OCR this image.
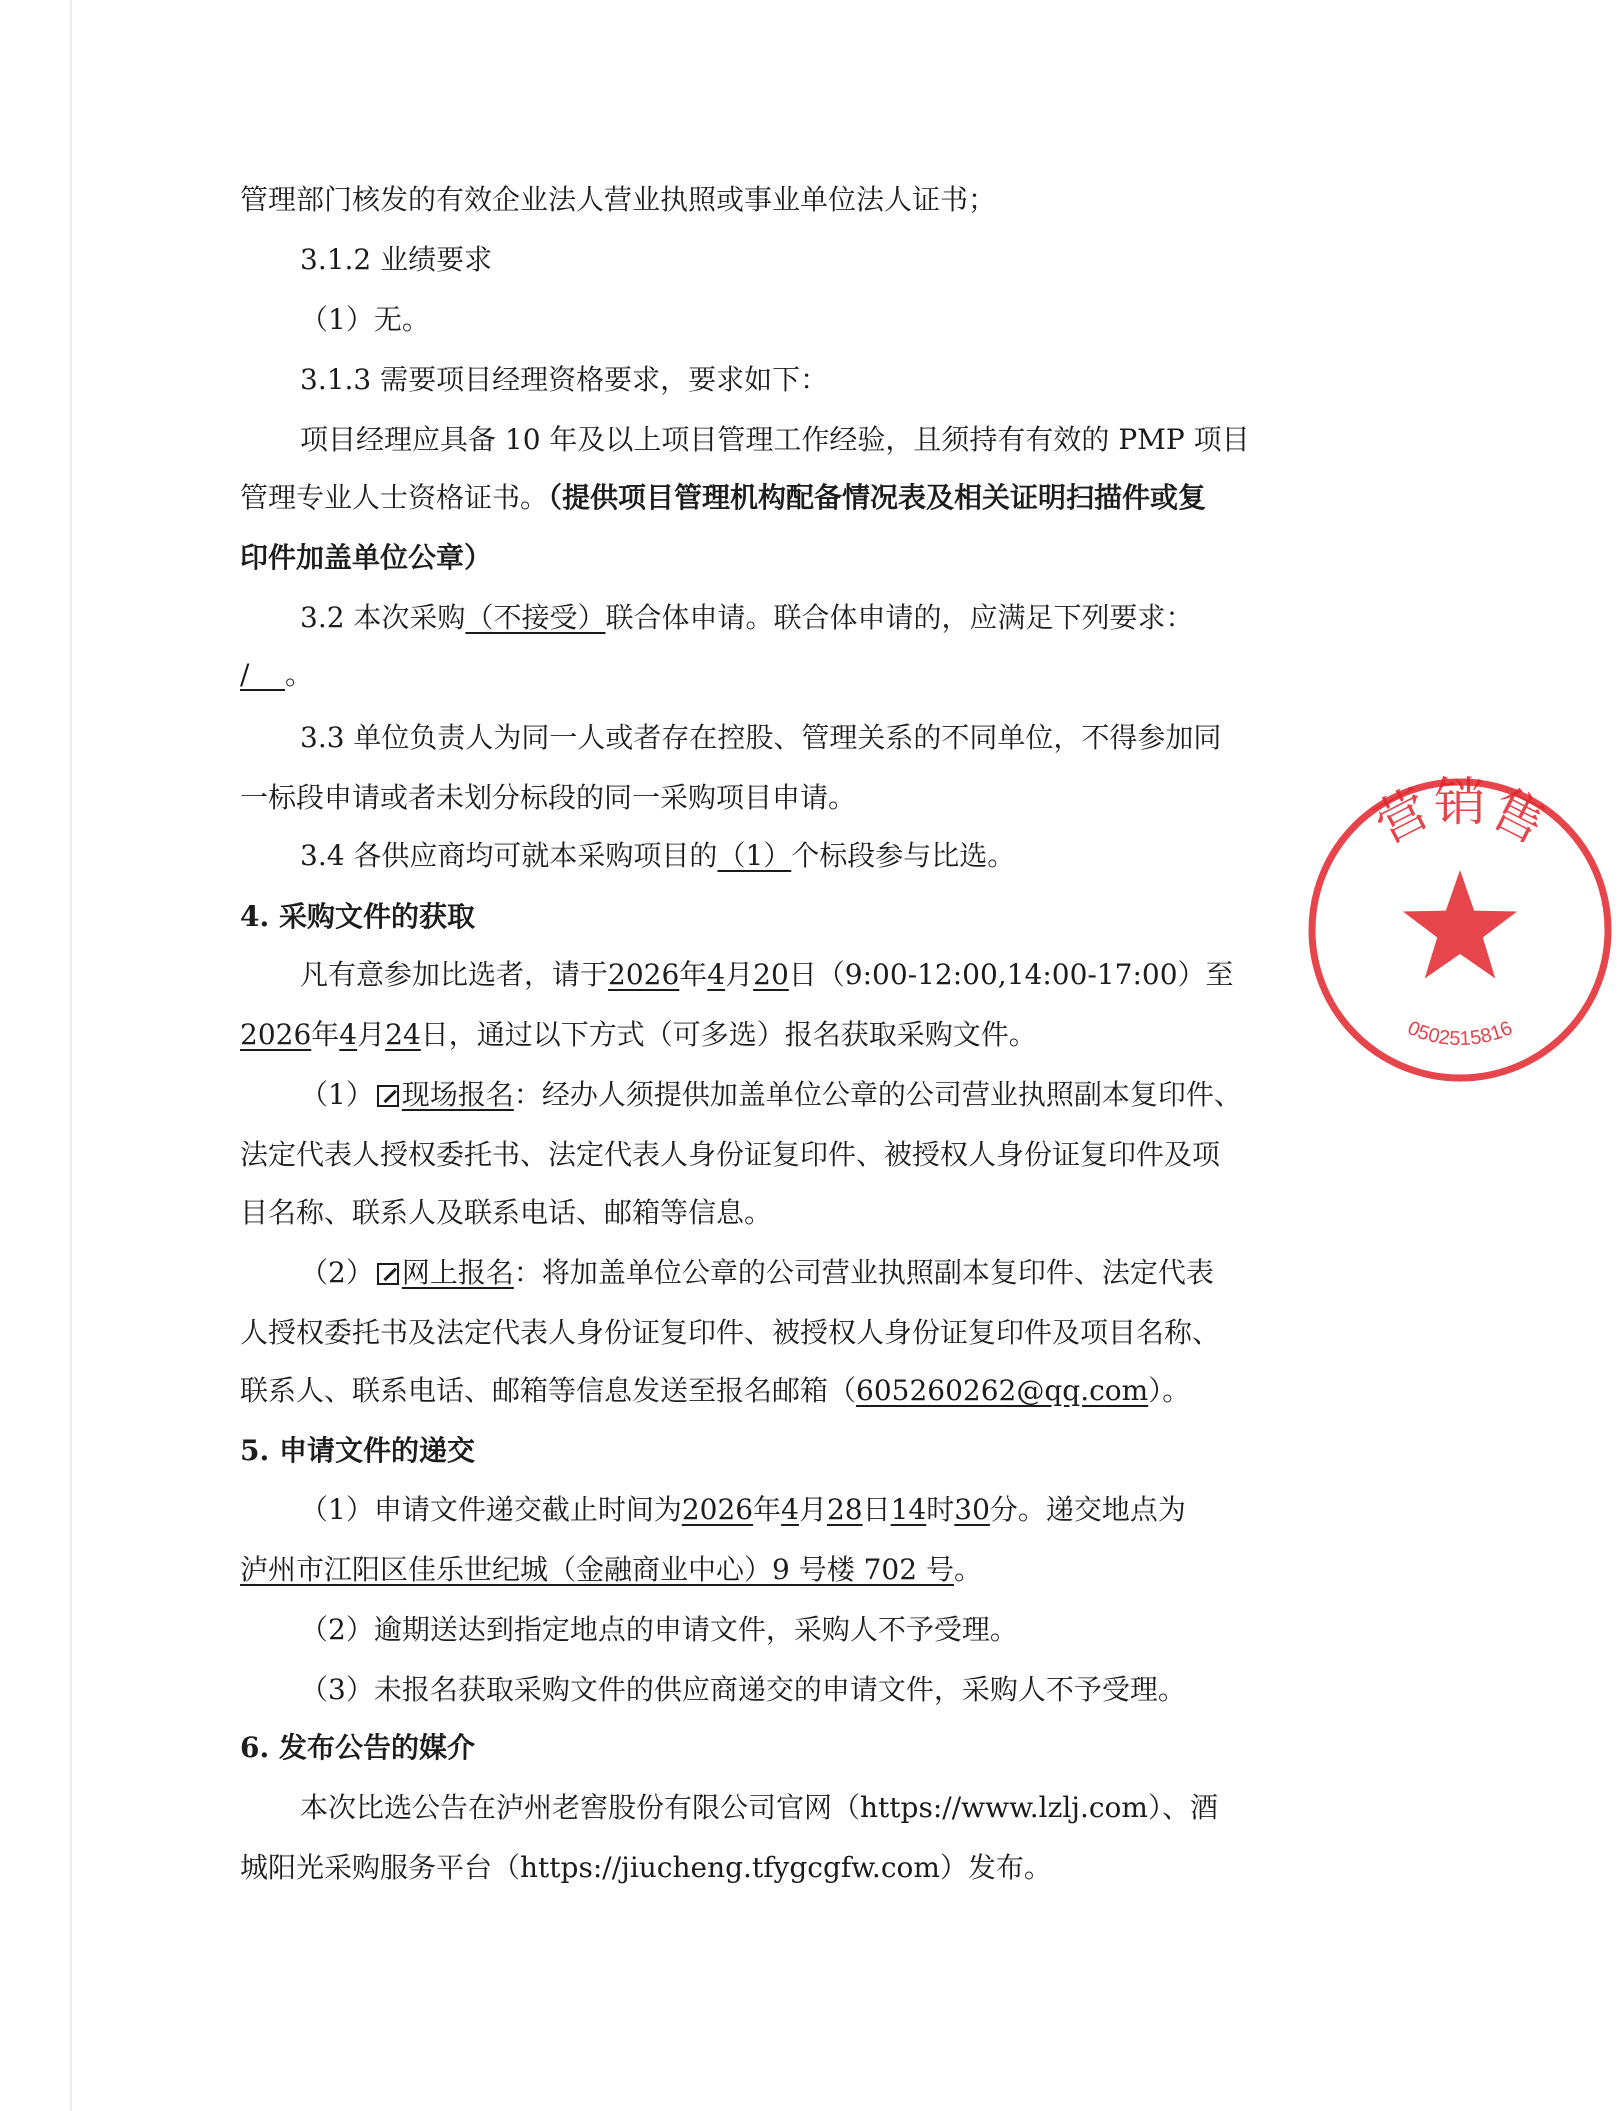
管理部门核发的有效企业法人营业执照或事业单位法人证书；
3.1.2 业绩要求
（1）无。
3.1.3 需要项目经理资格要求，要求如下：
项目经理应具备 10 年及以上项目管理工作经验，且须持有有效的 PMP 项目
管理专业人士资格证书。（提供项目管理机构配备情况表及相关证明扫描件或复
印件加盖单位公章）
3.2 本次采购（不接受）联合体申请。联合体申请的，应满足下列要求：
/    。
3.3 单位负责人为同一人或者存在控股、管理关系的不同单位，不得参加同
一标段申请或者未划分标段的同一采购项目申请。
3.4 各供应商均可就本采购项目的（1）个标段参与比选。
4. 采购文件的获取
凡有意参加比选者，请于2026年4月20日（9:00-12:00,14:00-17:00）至
2026年4月24日，通过以下方式（可多选）报名获取采购文件。
（1） 现场报名：经办人须提供加盖单位公章的公司营业执照副本复印件、
法定代表人授权委托书、法定代表人身份证复印件、被授权人身份证复印件及项
目名称、联系人及联系电话、邮箱等信息。
（2） 网上报名：将加盖单位公章的公司营业执照副本复印件、法定代表
人授权委托书及法定代表人身份证复印件、被授权人身份证复印件及项目名称、
联系人、联系电话、邮箱等信息发送至报名邮箱（605260262@qq.com）。
5. 申请文件的递交
（1）申请文件递交截止时间为2026年4月28日14时30分。递交地点为
泸州市江阳区佳乐世纪城（金融商业中心）9 号楼 702 号。
（2）逾期送达到指定地点的申请文件，采购人不予受理。
（3）未报名获取采购文件的供应商递交的申请文件，采购人不予受理。
6. 发布公告的媒介
本次比选公告在泸州老窖股份有限公司官网（https://www.lzlj.com）、酒
城阳光采购服务平台（https://jiucheng.tfygcgfw.com）发布。
营销售
0502515816
